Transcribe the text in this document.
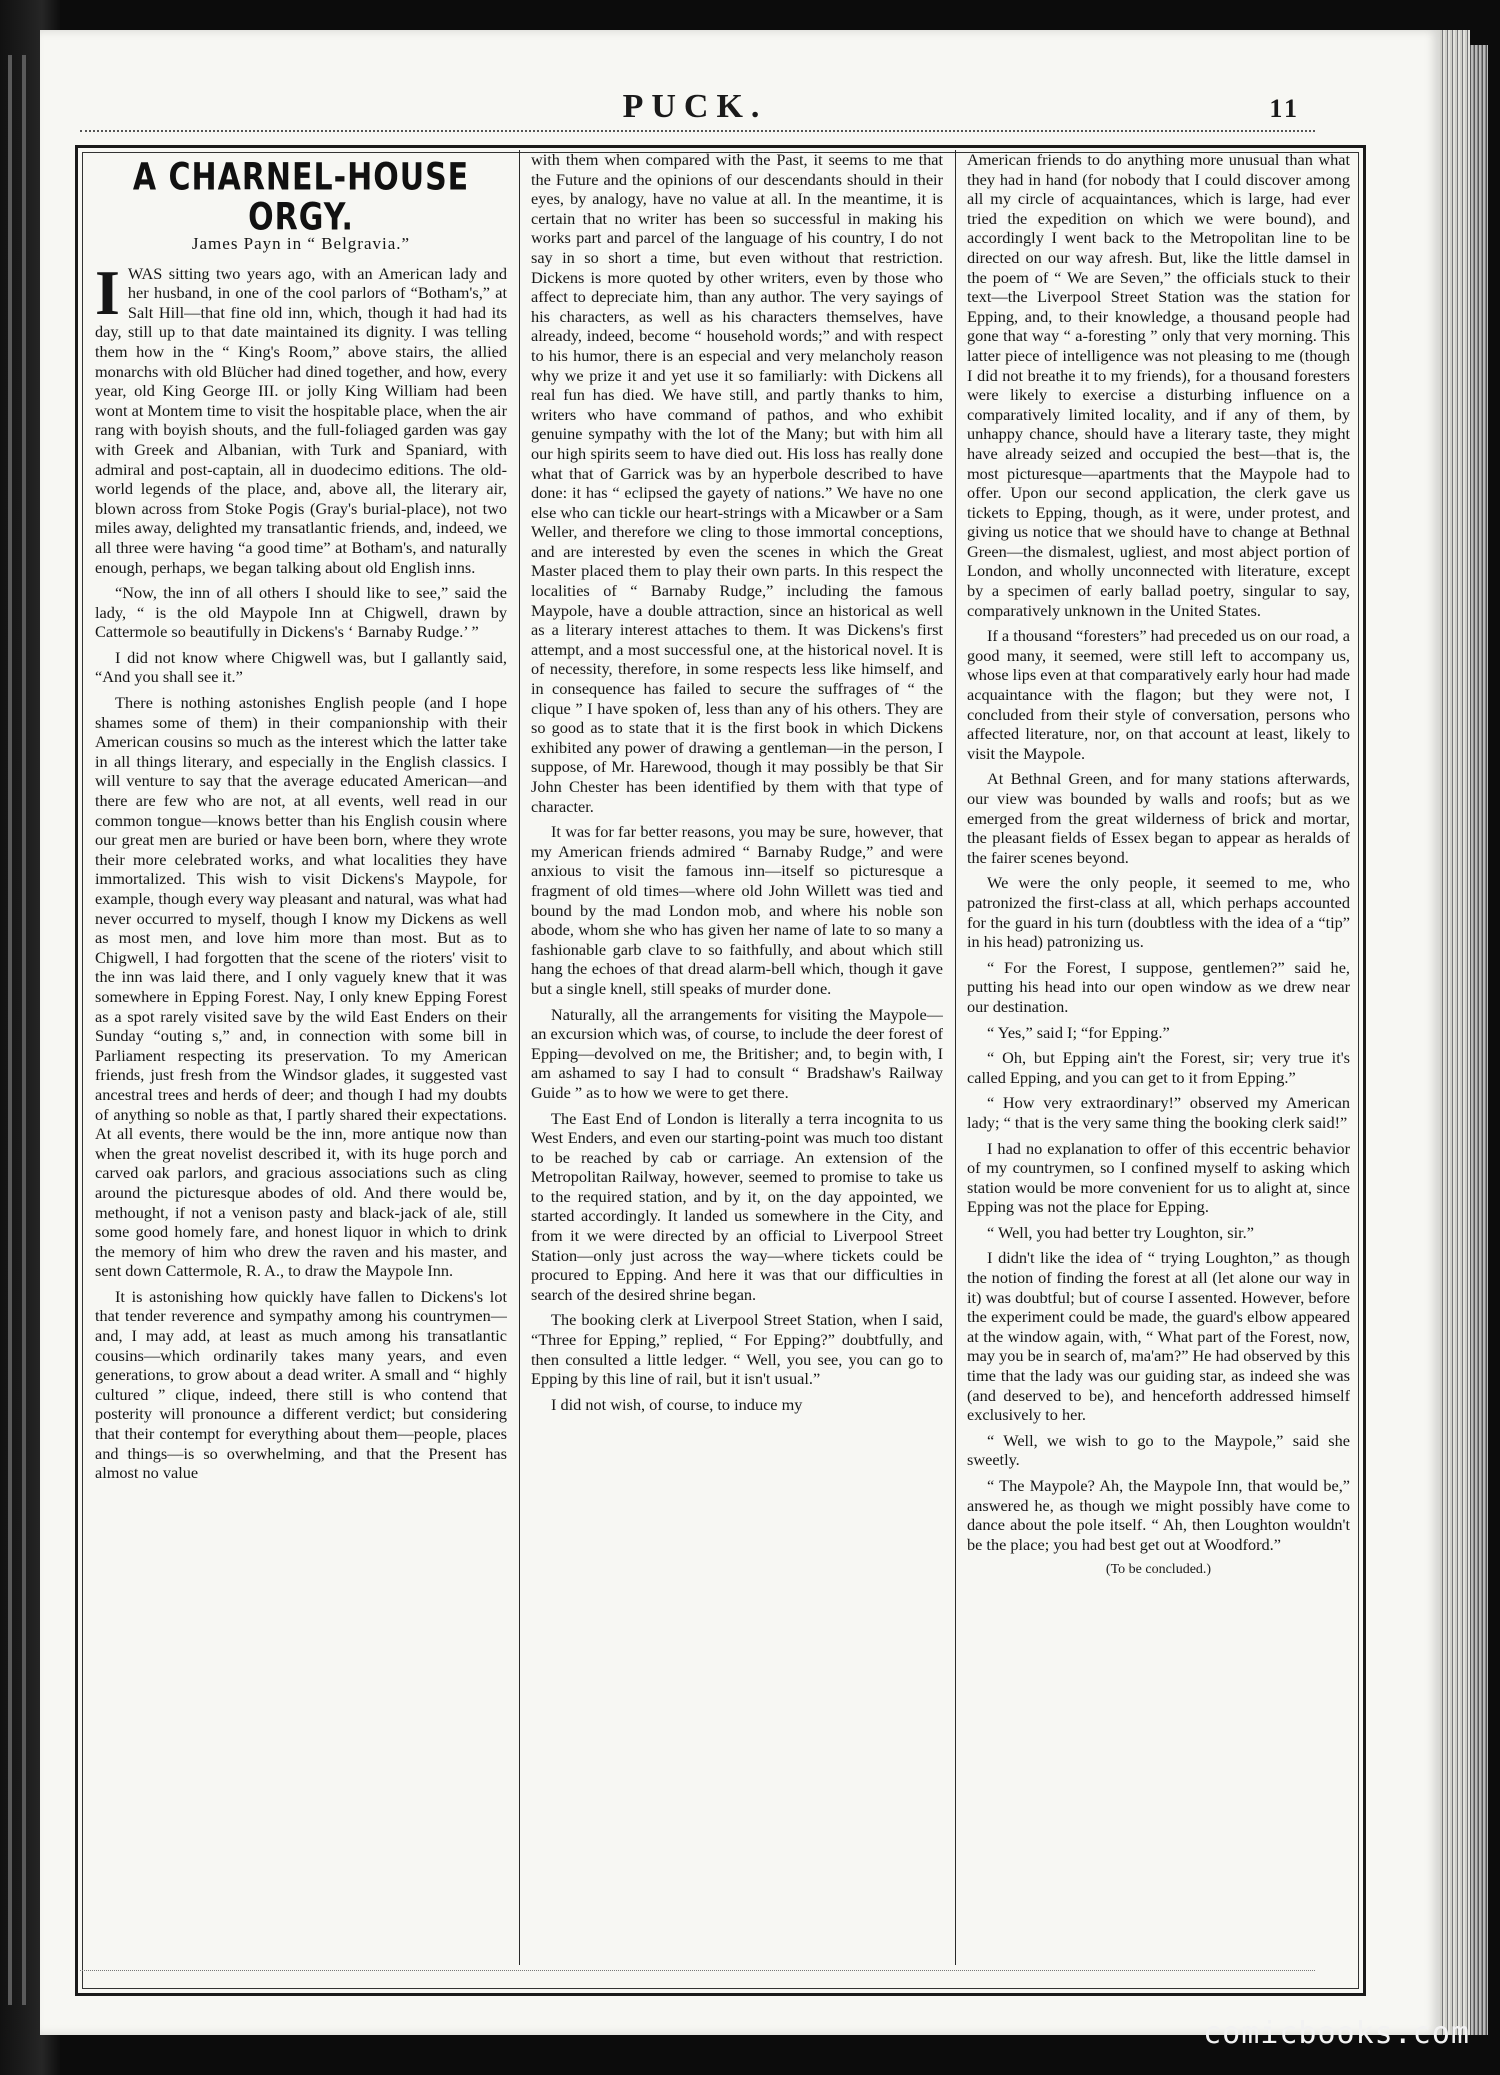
PUCK.	11
A CHARNEL-HOUSE ORGY.
James Payn in “ Belgravia.”

I WAS sitting two years ago, with an American lady and her husband, in one of the cool parlors of “Botham's,” at Salt Hill—that fine old inn, which, though it had had its day, still up to that date maintained its dignity. I was telling them how in the “ King's Room,” above stairs, the allied monarchs with old Blücher had dined together, and how, every year, old King George III. or jolly King William had been wont at Montem time to visit the hospitable place, when the air rang with boyish shouts, and the full-foliaged garden was gay with Greek and Albanian, with Turk and Spaniard, with admiral and post-captain, all in duodecimo editions. The old-world legends of the place, and, above all, the literary air, blown across from Stoke Pogis (Gray's burial-place), not two miles away, delighted my transatlantic friends, and, indeed, we all three were having “a good time” at Botham's, and naturally enough, perhaps, we began talking about old English inns.

“Now, the inn of all others I should like to see,” said the lady, “ is the old Maypole Inn at Chigwell, drawn by Cattermole so beautifully in Dickens's ‘ Barnaby Rudge.’ ”

I did not know where Chigwell was, but I gallantly said, “And you shall see it.”

There is nothing astonishes English people (and I hope shames some of them) in their companionship with their American cousins so much as the interest which the latter take in all things literary, and especially in the English classics. I will venture to say that the average educated American—and there are few who are not, at all events, well read in our common tongue—knows better than his English cousin where our great men are buried or have been born, where they wrote their more celebrated works, and what localities they have immortalized. This wish to visit Dickens's Maypole, for example, though every way pleasant and natural, was what had never occurred to myself, though I know my Dickens as well as most men, and love him more than most. But as to Chigwell, I had forgotten that the scene of the rioters' visit to the inn was laid there, and I only vaguely knew that it was somewhere in Epping Forest. Nay, I only knew Epping Forest as a spot rarely visited save by the wild East Enders on their Sunday “outing s,” and, in connection with some bill in Parliament respecting its preservation. To my American friends, just fresh from the Windsor glades, it suggested vast ancestral trees and herds of deer; and though I had my doubts of anything so noble as that, I partly shared their expectations. At all events, there would be the inn, more antique now than when the great novelist described it, with its huge porch and carved oak parlors, and gracious associations such as cling around the picturesque abodes of old. And there would be, methought, if not a venison pasty and black-jack of ale, still some good homely fare, and honest liquor in which to drink the memory of him who drew the raven and his master, and sent down Cattermole, R. A., to draw the Maypole Inn.

It is astonishing how quickly have fallen to Dickens's lot that tender reverence and sympathy among his countrymen—and, I may add, at least as much among his transatlantic cousins—which ordinarily takes many years, and even generations, to grow about a dead writer. A small and “ highly cultured ” clique, indeed, there still is who contend that posterity will pronounce a different verdict; but considering that their contempt for everything about them—people, places and things—is so overwhelming, and that the Present has almost no value

with them when compared with the Past, it seems to me that the Future and the opinions of our descendants should in their eyes, by analogy, have no value at all. In the meantime, it is certain that no writer has been so successful in making his works part and parcel of the language of his country, I do not say in so short a time, but even without that restriction. Dickens is more quoted by other writers, even by those who affect to depreciate him, than any author. The very sayings of his characters, as well as his characters themselves, have already, indeed, become “ household words;” and with respect to his humor, there is an especial and very melancholy reason why we prize it and yet use it so familiarly: with Dickens all real fun has died. We have still, and partly thanks to him, writers who have command of pathos, and who exhibit genuine sympathy with the lot of the Many; but with him all our high spirits seem to have died out. His loss has really done what that of Garrick was by an hyperbole described to have done: it has “ eclipsed the gayety of nations.” We have no one else who can tickle our heart-strings with a Micawber or a Sam Weller, and therefore we cling to those immortal conceptions, and are interested by even the scenes in which the Great Master placed them to play their own parts. In this respect the localities of “ Barnaby Rudge,” including the famous Maypole, have a double attraction, since an historical as well as a literary interest attaches to them. It was Dickens's first attempt, and a most successful one, at the historical novel. It is of necessity, therefore, in some respects less like himself, and in consequence has failed to secure the suffrages of “ the clique ” I have spoken of, less than any of his others. They are so good as to state that it is the first book in which Dickens exhibited any power of drawing a gentleman—in the person, I suppose, of Mr. Harewood, though it may possibly be that Sir John Chester has been identified by them with that type of character.

It was for far better reasons, you may be sure, however, that my American friends admired “ Barnaby Rudge,” and were anxious to visit the famous inn—itself so picturesque a fragment of old times—where old John Willett was tied and bound by the mad London mob, and where his noble son abode, whom she who has given her name of late to so many a fashionable garb clave to so faithfully, and about which still hang the echoes of that dread alarm-bell which, though it gave but a single knell, still speaks of murder done.

Naturally, all the arrangements for visiting the Maypole—an excursion which was, of course, to include the deer forest of Epping—devolved on me, the Britisher; and, to begin with, I am ashamed to say I had to consult “ Bradshaw's Railway Guide ” as to how we were to get there.

The East End of London is literally a terra incognita to us West Enders, and even our starting-point was much too distant to be reached by cab or carriage. An extension of the Metropolitan Railway, however, seemed to promise to take us to the required station, and by it, on the day appointed, we started accordingly. It landed us somewhere in the City, and from it we were directed by an official to Liverpool Street Station—only just across the way—where tickets could be procured to Epping. And here it was that our difficulties in search of the desired shrine began.

The booking clerk at Liverpool Street Station, when I said, “Three for Epping,” replied, “ For Epping?” doubtfully, and then consulted a little ledger. “ Well, you see, you can go to Epping by this line of rail, but it isn't usual.”

I did not wish, of course, to induce my

American friends to do anything more unusual than what they had in hand (for nobody that I could discover among all my circle of acquaintances, which is large, had ever tried the expedition on which we were bound), and accordingly I went back to the Metropolitan line to be directed on our way afresh. But, like the little damsel in the poem of “ We are Seven,” the officials stuck to their text—the Liverpool Street Station was the station for Epping, and, to their knowledge, a thousand people had gone that way “ a-foresting ” only that very morning. This latter piece of intelligence was not pleasing to me (though I did not breathe it to my friends), for a thousand foresters were likely to exercise a disturbing influence on a comparatively limited locality, and if any of them, by unhappy chance, should have a literary taste, they might have already seized and occupied the best—that is, the most picturesque—apartments that the Maypole had to offer. Upon our second application, the clerk gave us tickets to Epping, though, as it were, under protest, and giving us notice that we should have to change at Bethnal Green—the dismalest, ugliest, and most abject portion of London, and wholly unconnected with literature, except by a specimen of early ballad poetry, singular to say, comparatively unknown in the United States.

If a thousand “foresters” had preceded us on our road, a good many, it seemed, were still left to accompany us, whose lips even at that comparatively early hour had made acquaintance with the flagon; but they were not, I concluded from their style of conversation, persons who affected literature, nor, on that account at least, likely to visit the Maypole.

At Bethnal Green, and for many stations afterwards, our view was bounded by walls and roofs; but as we emerged from the great wilderness of brick and mortar, the pleasant fields of Essex began to appear as heralds of the fairer scenes beyond.

We were the only people, it seemed to me, who patronized the first-class at all, which perhaps accounted for the guard in his turn (doubtless with the idea of a “tip” in his head) patronizing us.

“ For the Forest, I suppose, gentlemen?” said he, putting his head into our open window as we drew near our destination.

“ Yes,” said I; “for Epping.”

“ Oh, but Epping ain't the Forest, sir; very true it's called Epping, and you can get to it from Epping.”

“ How very extraordinary!” observed my American lady; “ that is the very same thing the booking clerk said!”

I had no explanation to offer of this eccentric behavior of my countrymen, so I confined myself to asking which station would be more convenient for us to alight at, since Epping was not the place for Epping.

“ Well, you had better try Loughton, sir.”

I didn't like the idea of “ trying Loughton,” as though the notion of finding the forest at all (let alone our way in it) was doubtful; but of course I assented. However, before the experiment could be made, the guard's elbow appeared at the window again, with, “ What part of the Forest, now, may you be in search of, ma'am?” He had observed by this time that the lady was our guiding star, as indeed she was (and deserved to be), and henceforth addressed himself exclusively to her.

“ Well, we wish to go to the Maypole,” said she sweetly.

“ The Maypole? Ah, the Maypole Inn, that would be,” answered he, as though we might possibly have come to dance about the pole itself. “ Ah, then Loughton wouldn't be the place; you had best get out at Woodford.”

(To be concluded.)

comicbooks.com
